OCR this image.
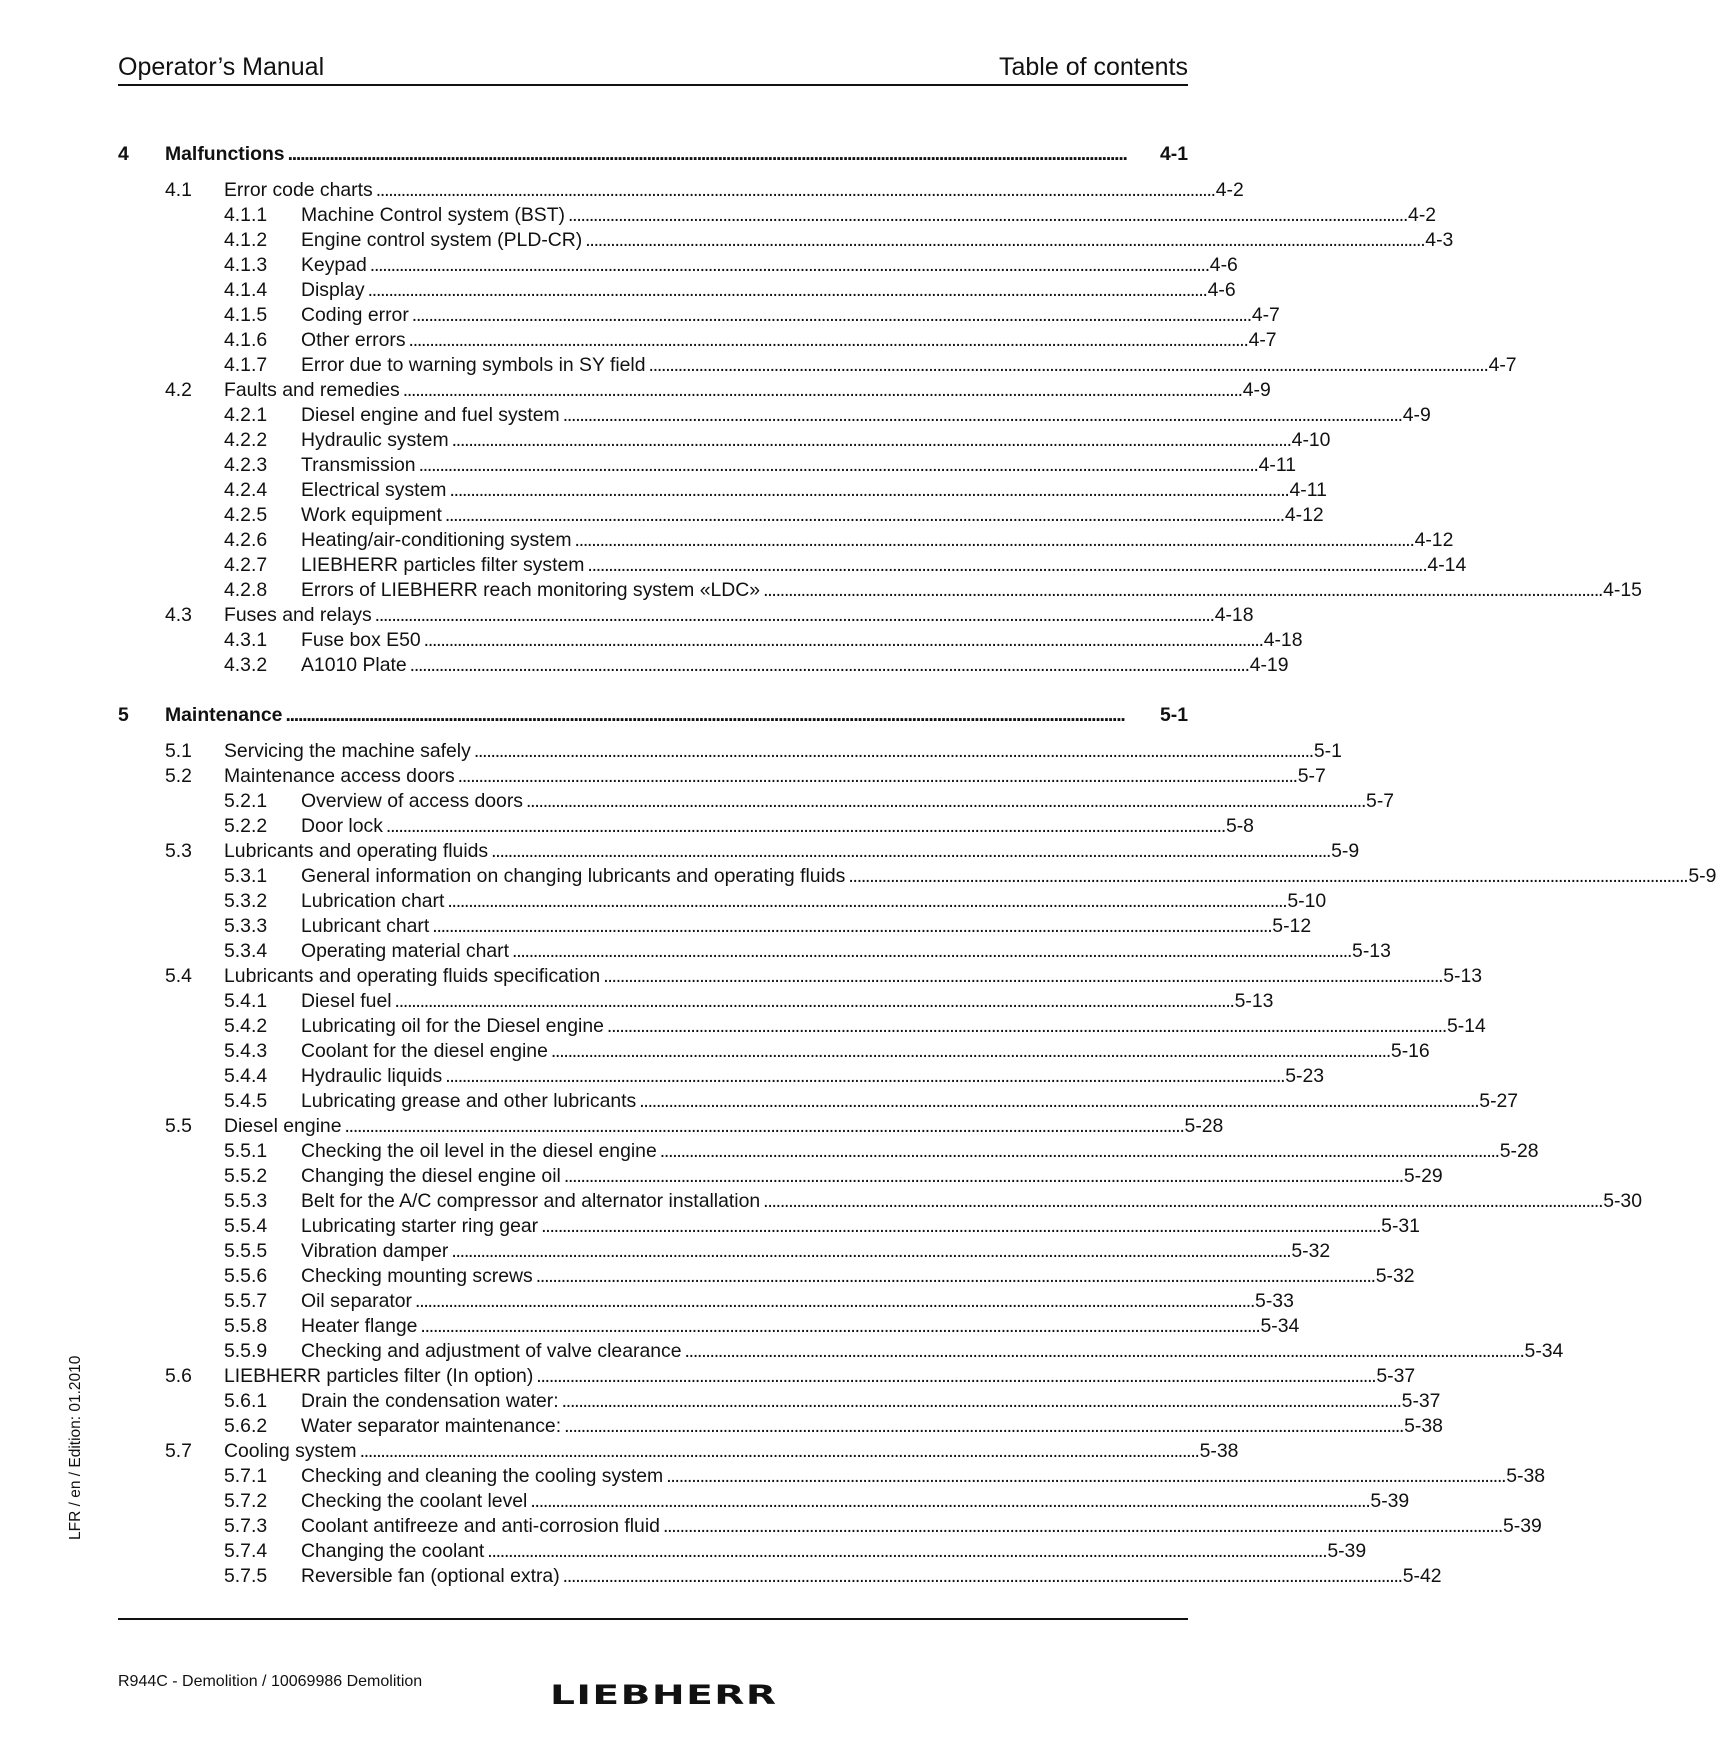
Operator’s Manual	Table of contents
4	Malfunctions . . .	4-1
4.1	Error code charts . . .	4-2
4.1.1	Machine Control system (BST) . . .	4-2
4.1.2	Engine control system (PLD-CR) . . .	4-3
4.1.3	Keypad . . .	4-6
4.1.4	Display . . .	4-6
4.1.5	Coding error . . .	4-7
4.1.6	Other errors . . .	4-7
4.1.7	Error due to warning symbols in SY field . . .	4-7
4.2	Faults and remedies . . .	4-9
4.2.1	Diesel engine and fuel system . . .	4-9
4.2.2	Hydraulic system . . .	4-10
4.2.3	Transmission . . .	4-11
4.2.4	Electrical system . . .	4-11
4.2.5	Work equipment . . .	4-12
4.2.6	Heating/air-conditioning system . . .	4-12
4.2.7	LIEBHERR particles filter system . . .	4-14
4.2.8	Errors of LIEBHERR reach monitoring system «LDC» . . .	4-15
4.3	Fuses and relays . . .	4-18
4.3.1	Fuse box E50 . . .	4-18
4.3.2	A1010 Plate . . .	4-19
5	Maintenance . . .	5-1
5.1	Servicing the machine safely . . .	5-1
5.2	Maintenance access doors . . .	5-7
5.2.1	Overview of access doors . . .	5-7
5.2.2	Door lock . . .	5-8
5.3	Lubricants and operating fluids . . .	5-9
5.3.1	General information on changing lubricants and operating fluids . . .	5-9
5.3.2	Lubrication chart . . .	5-10
5.3.3	Lubricant chart . . .	5-12
5.3.4	Operating material chart . . .	5-13
5.4	Lubricants and operating fluids specification . . .	5-13
5.4.1	Diesel fuel . . .	5-13
5.4.2	Lubricating oil for the Diesel engine . . .	5-14
5.4.3	Coolant for the diesel engine . . .	5-16
5.4.4	Hydraulic liquids . . .	5-23
5.4.5	Lubricating grease and other lubricants . . .	5-27
5.5	Diesel engine . . .	5-28
5.5.1	Checking the oil level in the diesel engine . . .	5-28
5.5.2	Changing the diesel engine oil . . .	5-29
5.5.3	Belt for the A/C compressor and alternator installation . . .	5-30
5.5.4	Lubricating starter ring gear . . .	5-31
5.5.5	Vibration damper . . .	5-32
5.5.6	Checking mounting screws . . .	5-32
5.5.7	Oil separator . . .	5-33
5.5.8	Heater flange . . .	5-34
5.5.9	Checking and adjustment of valve clearance . . .	5-34
5.6	LIEBHERR particles filter (In option) . . .	5-37
5.6.1	Drain the condensation water: . . .	5-37
5.6.2	Water separator maintenance: . . .	5-38
5.7	Cooling system . . .	5-38
5.7.1	Checking and cleaning the cooling system . . .	5-38
5.7.2	Checking the coolant level . . .	5-39
5.7.3	Coolant antifreeze and anti-corrosion fluid . . .	5-39
5.7.4	Changing the coolant . . .	5-39
5.7.5	Reversible fan (optional extra) . . .	5-42
LFR / en / Edition: 01.2010
R944C - Demolition / 10069986 Demolition	LIEBHERR
